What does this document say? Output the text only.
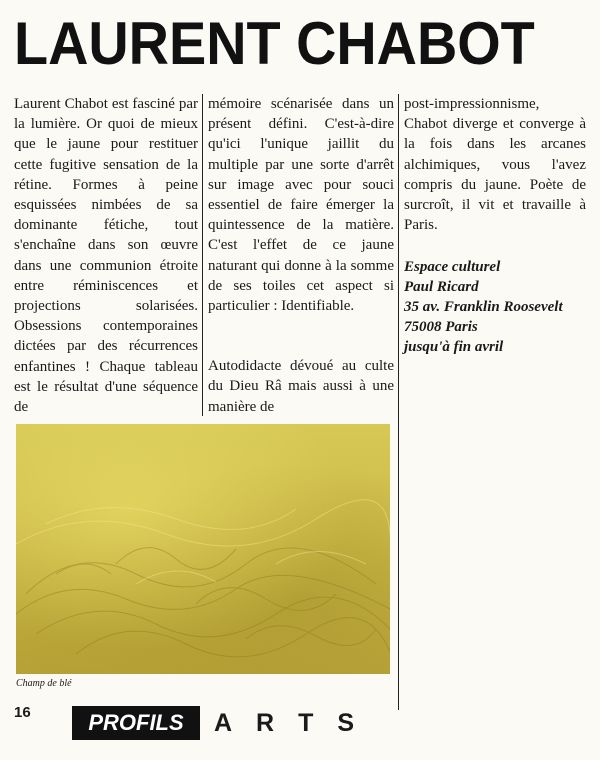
LAURENT CHABOT

Laurent Chabot est fasciné par la lumière. Or quoi de mieux que le jaune pour restituer cette fugitive sensation de la rétine. Formes à peine esquissées nimbées de sa dominante fétiche, tout s'enchaîne dans son œuvre dans une communion étroite entre réminiscences et projections solarisées. Obsessions contemporaines dictées par des récurrences enfantines ! Chaque tableau est le résultat d'une séquence de

mémoire scénarisée dans un présent défini. C'est-à-dire qu'ici l'unique jaillit du multiple par une sorte d'arrêt sur image avec pour souci essentiel de faire émerger la quintessence de la matière. C'est l'effet de ce jaune naturant qui donne à la somme de ses toiles cet aspect si particulier : Identifiable.

Autodidacte dévoué au culte du Dieu Râ mais aussi à une manière de

post-impressionnisme, Chabot diverge et converge à la fois dans les arcanes alchimiques, vous l'avez compris du jaune. Poète de surcroît, il vit et travaille à Paris.

Espace culturel
Paul Ricard
35 av. Franklin Roosevelt
75008 Paris
jusqu'à fin avril
Champ de blé
16	PROFILS	ARTS
